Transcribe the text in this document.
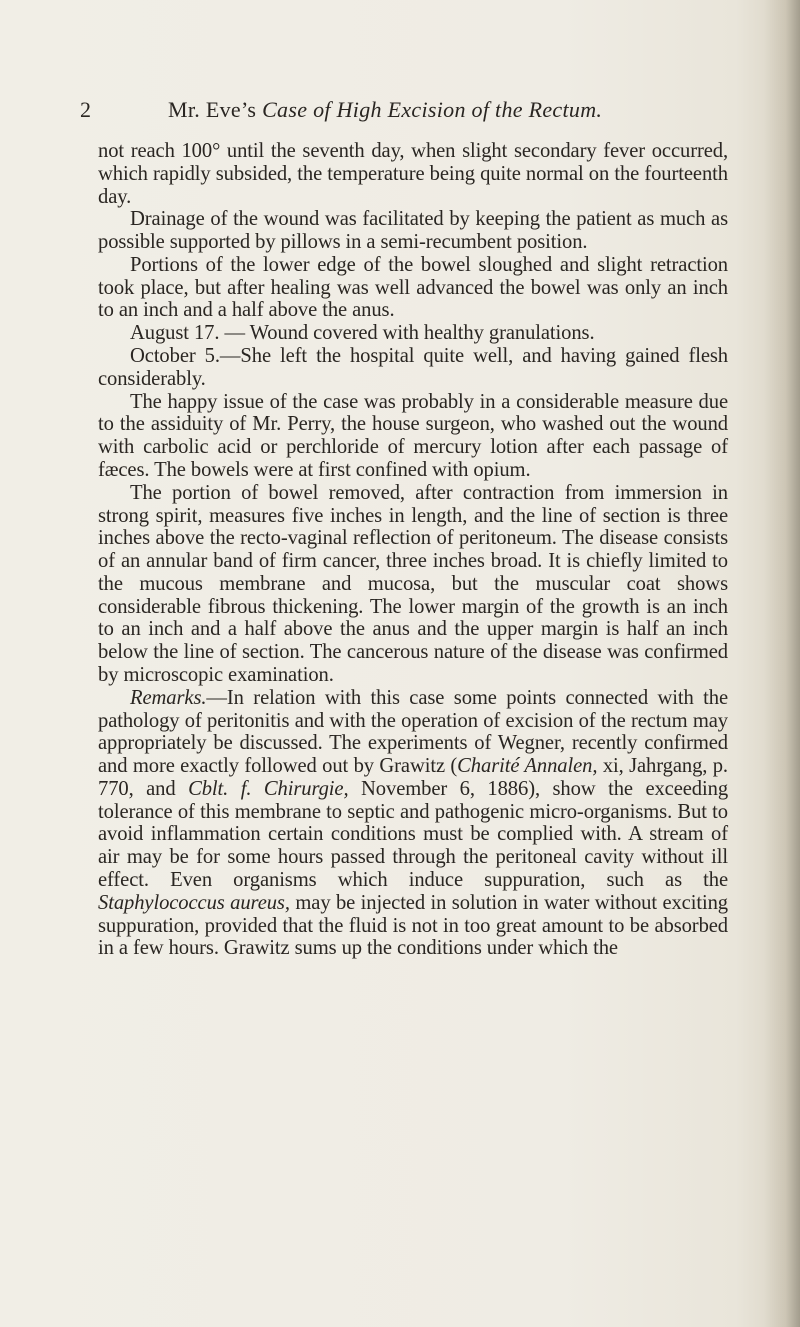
2	Mr. Eve’s Case of High Excision of the Rectum.

not reach 100° until the seventh day, when slight secondary fever occurred, which rapidly subsided, the temperature being quite normal on the fourteenth day.

Drainage of the wound was facilitated by keeping the patient as much as possible supported by pillows in a semi-recumbent position.

Portions of the lower edge of the bowel sloughed and slight retraction took place, but after healing was well advanced the bowel was only an inch to an inch and a half above the anus.

August 17. — Wound covered with healthy granulations.

October 5.—She left the hospital quite well, and having gained flesh considerably.

The happy issue of the case was probably in a considerable measure due to the assiduity of Mr. Perry, the house surgeon, who washed out the wound with carbolic acid or perchloride of mercury lotion after each passage of fæces. The bowels were at first confined with opium.

The portion of bowel removed, after contraction from immersion in strong spirit, measures five inches in length, and the line of section is three inches above the recto-vaginal reflection of peritoneum. The disease consists of an annular band of firm cancer, three inches broad. It is chiefly limited to the mucous membrane and mucosa, but the muscular coat shows considerable fibrous thickening. The lower margin of the growth is an inch to an inch and a half above the anus and the upper margin is half an inch below the line of section. The cancerous nature of the disease was confirmed by microscopic examination.

Remarks.—In relation with this case some points connected with the pathology of peritonitis and with the operation of excision of the rectum may appropriately be discussed. The experiments of Wegner, recently confirmed and more exactly followed out by Grawitz (Charité Annalen, xi, Jahrgang, p. 770, and Cblt. f. Chirurgie, November 6, 1886), show the exceeding tolerance of this membrane to septic and pathogenic micro-organisms. But to avoid inflammation certain conditions must be complied with. A stream of air may be for some hours passed through the peritoneal cavity without ill effect. Even organisms which induce suppuration, such as the Staphylococcus aureus, may be injected in solution in water without exciting suppuration, provided that the fluid is not in too great amount to be absorbed in a few hours. Grawitz sums up the conditions under which the
